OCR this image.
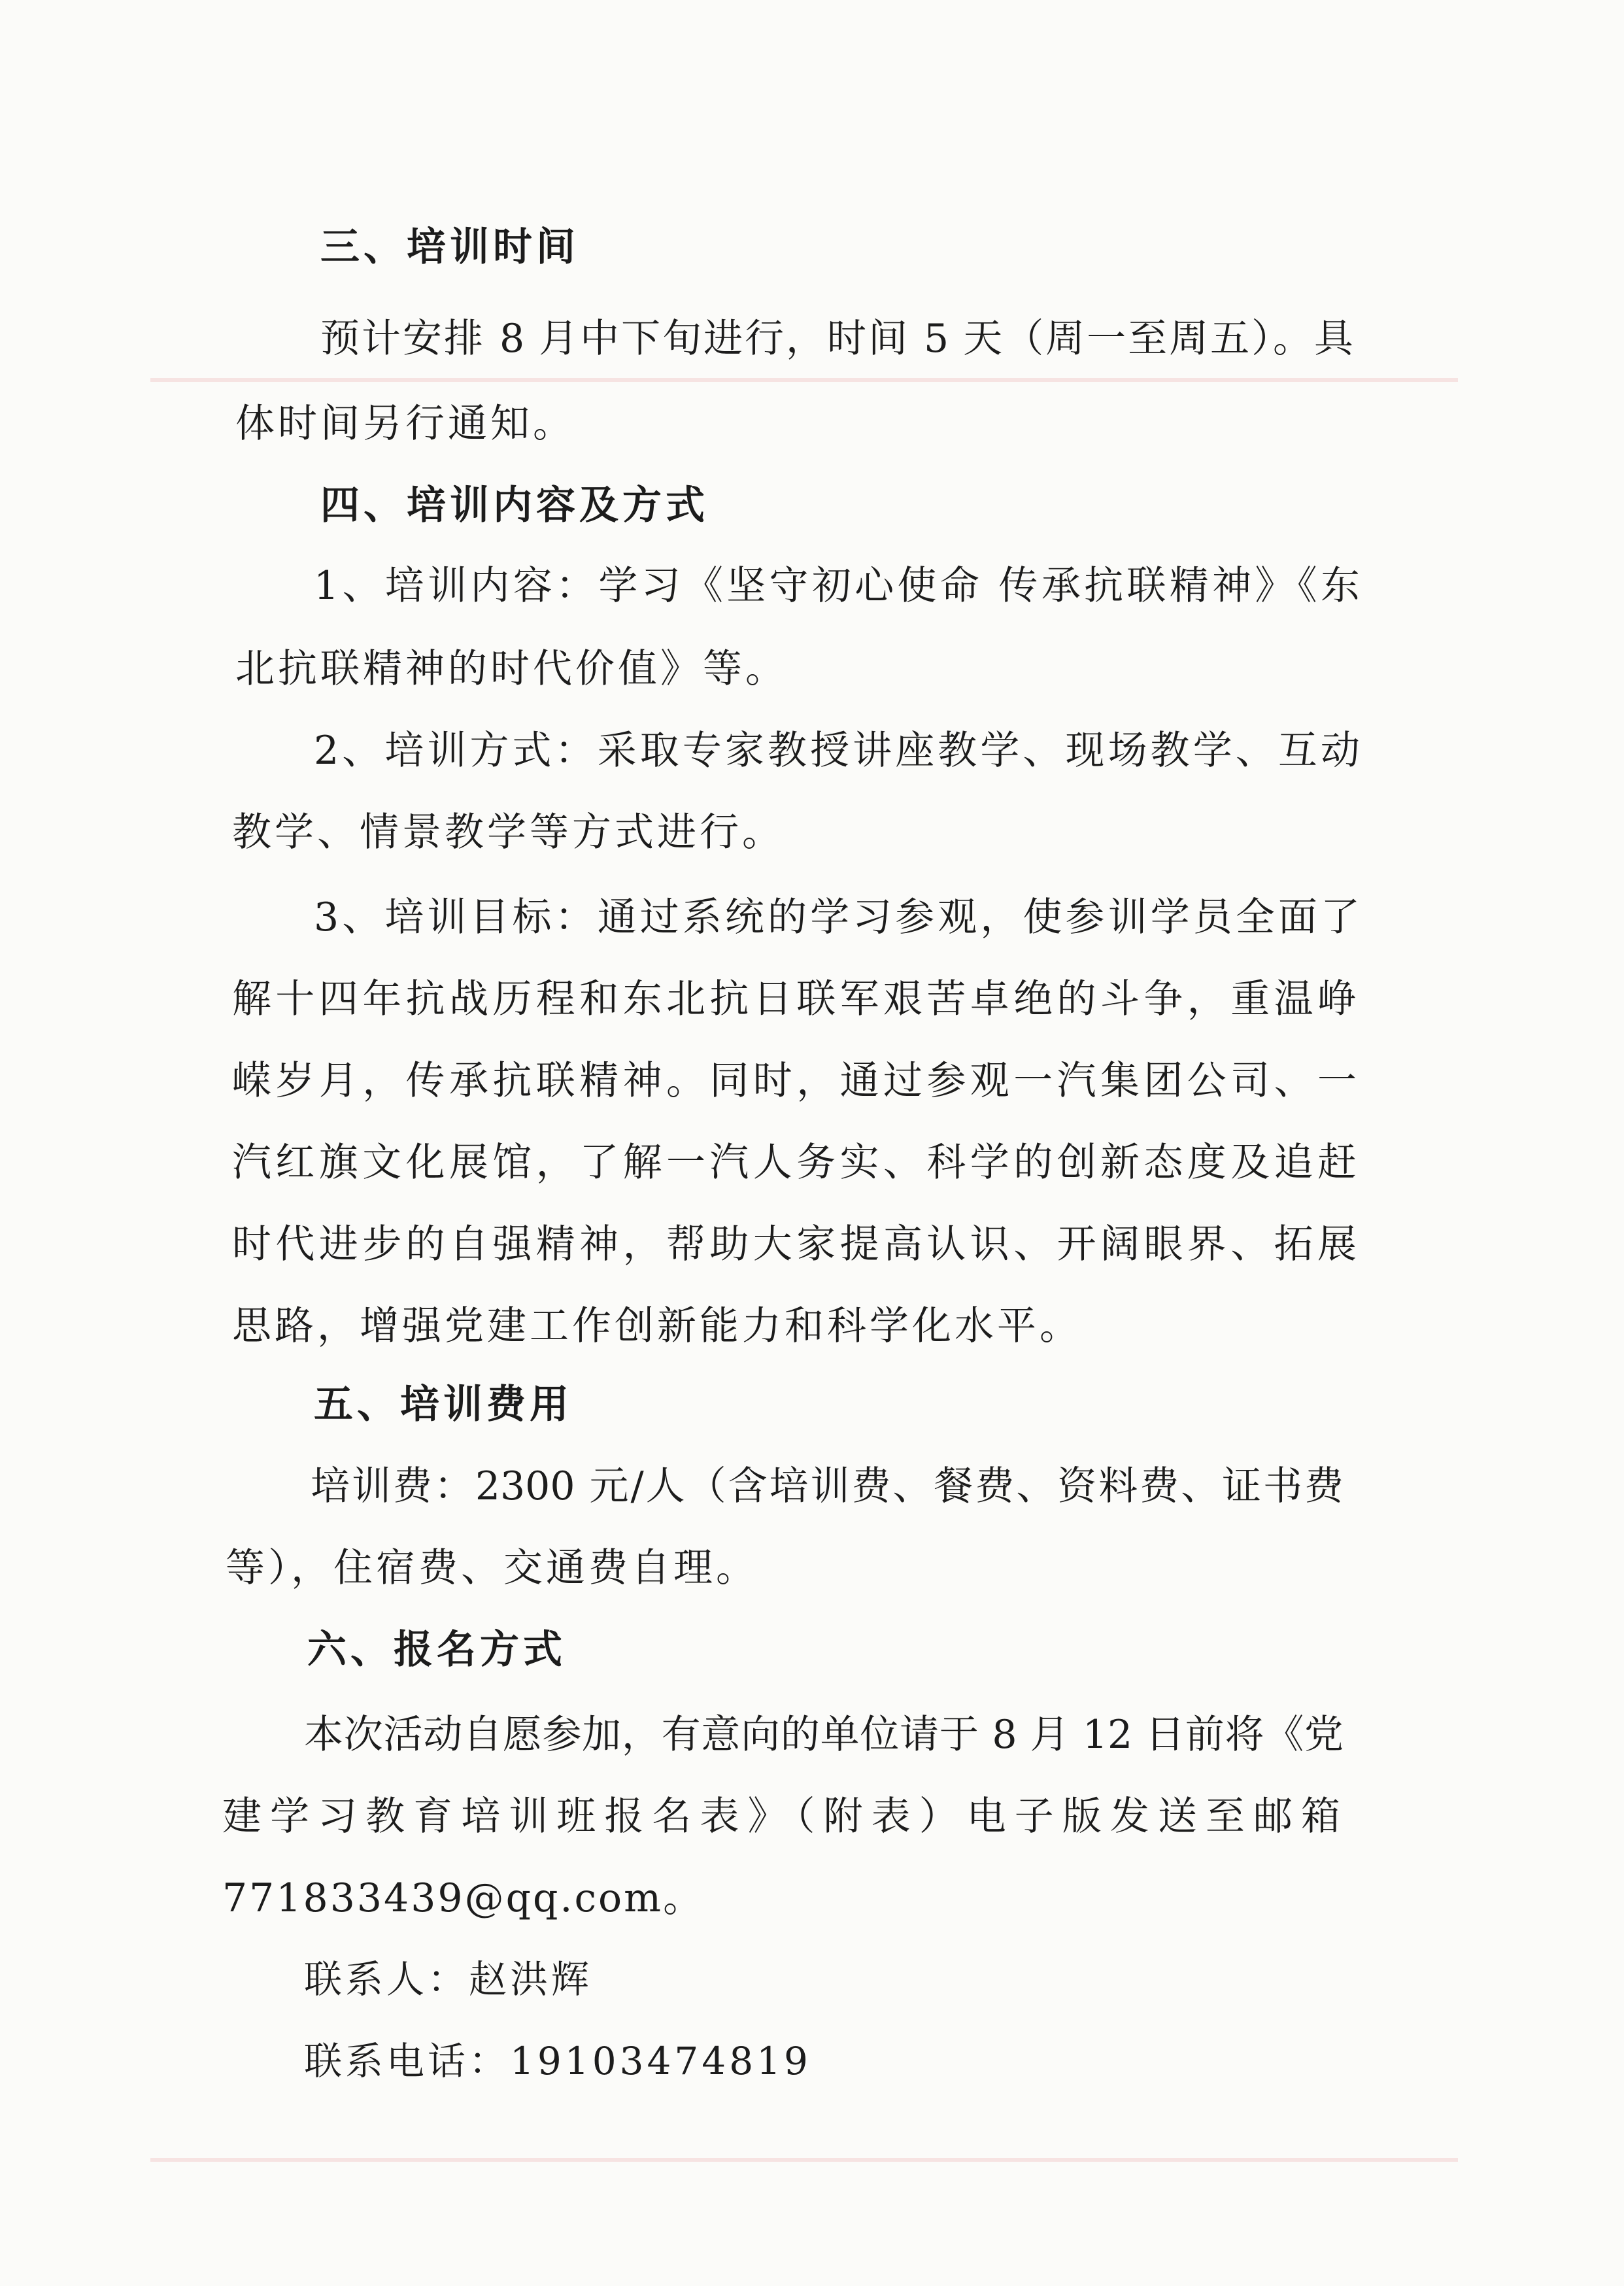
三、培训时间
预计安排 8 月中下旬进行，时间 5 天（周一至周五）。具
体时间另行通知。
四、培训内容及方式
1、培训内容：学习《坚守初心使命 传承抗联精神》《东
北抗联精神的时代价值》等。
2、培训方式：采取专家教授讲座教学、现场教学、互动
教学、情景教学等方式进行。
3、培训目标：通过系统的学习参观，使参训学员全面了
解十四年抗战历程和东北抗日联军艰苦卓绝的斗争，重温峥
嵘岁月，传承抗联精神。同时，通过参观一汽集团公司、一
汽红旗文化展馆，了解一汽人务实、科学的创新态度及追赶
时代进步的自强精神，帮助大家提高认识、开阔眼界、拓展
思路，增强党建工作创新能力和科学化水平。
五、培训费用
培训费：2300 元/人（含培训费、餐费、资料费、证书费
等），住宿费、交通费自理。
六、报名方式
本次活动自愿参加，有意向的单位请于 8 月 12 日前将《党
建学习教育培训班报名表》（附表）电子版发送至邮箱
771833439@qq.com。
联系人：赵洪辉
联系电话：19103474819
